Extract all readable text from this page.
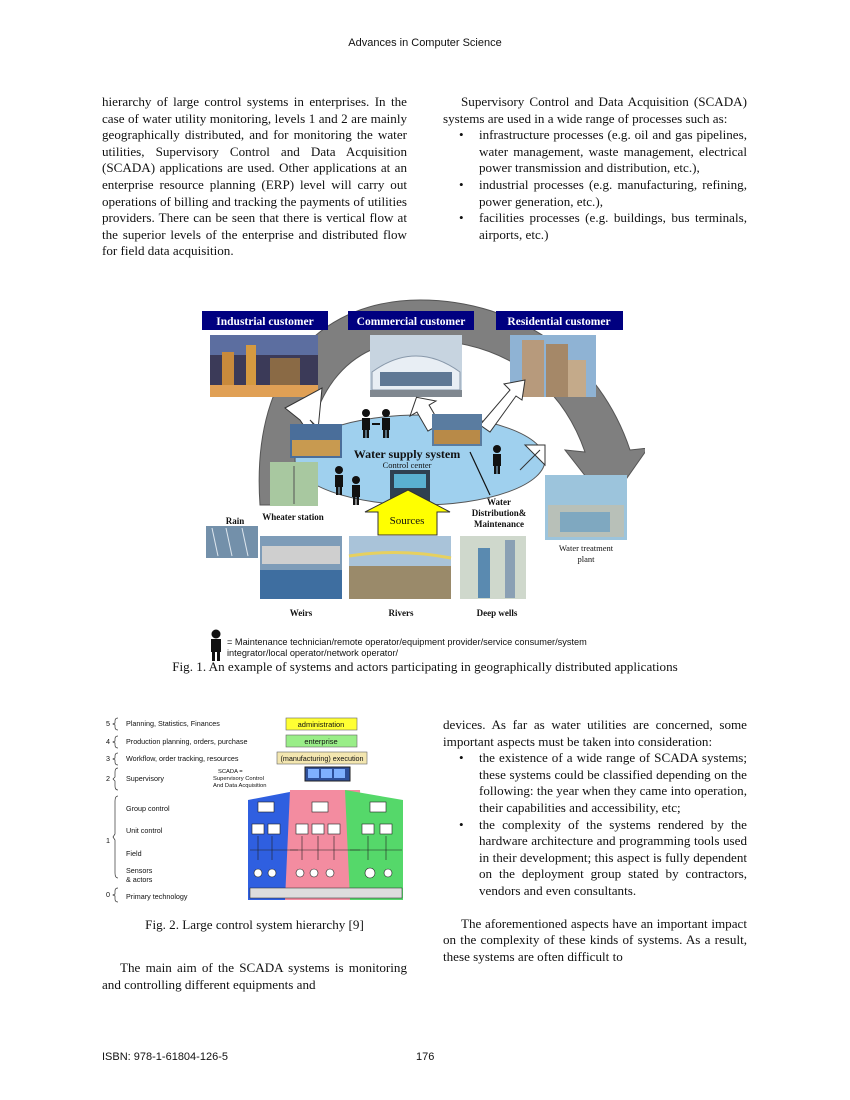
Advances in Computer Science

hierarchy of large control systems in enterprises. In the case of water utility monitoring, levels 1 and 2 are mainly geographically distributed, and for monitoring the water utilities, Supervisory Control and Data Acquisition (SCADA) applications are used. Other applications at an enterprise resource planning (ERP) level will carry out operations of billing and tracking the payments of utilities providers. There can be seen that there is vertical flow at the superior levels of the enterprise and distributed flow for field data acquisition.

Supervisory Control and Data Acquisition (SCADA) systems are used in a wide range of processes such as:

• infrastructure processes (e.g. oil and gas pipelines, water management, waste management, electrical power transmission and distribution, etc.),
• industrial processes (e.g. manufacturing, refining, power generation, etc.),
• facilities processes (e.g. buildings, bus terminals, airports, etc.)
Industrial customer	Commercial customer	Residential customer
Water supply system
Control center
Sources
Rain Wheater station
Water
Distribution&
Maintenance
Water treatment
plant
Weirs	Rivers	Deep wells
= Maintenance technician/remote operator/equipment provider/service consumer/system
integrator/local operator/network operator/
Fig. 1. An example of systems and actors participating in geographically distributed applications
5 Planning, Statistics, Finances
4 Production planning, orders, purchase
3 Workflow, order tracking, resources
2 Supervisory
Group control
1
Unit control
Field
Sensors
& actors
0 Primary technology
administration
enterprise
(manufacturing) execution
SCADA =
Supervisory Control
And Data Acquisition
Fig. 2. Large control system hierarchy [9]

The main aim of the SCADA systems is monitoring and controlling different equipments and

devices. As far as water utilities are concerned, some important aspects must be taken into consideration:

• the existence of a wide range of SCADA systems; these systems could be classified depending on the following: the year when they came into operation, their capabilities and accessibility, etc;
• the complexity of the systems rendered by the hardware architecture and programming tools used in their development; this aspect is fully dependent on the deployment group stated by contractors, vendors and even consultants.

The aforementioned aspects have an important impact on the complexity of these kinds of systems. As a result, these systems are often difficult to

ISBN: 978-1-61804-126-5	176
